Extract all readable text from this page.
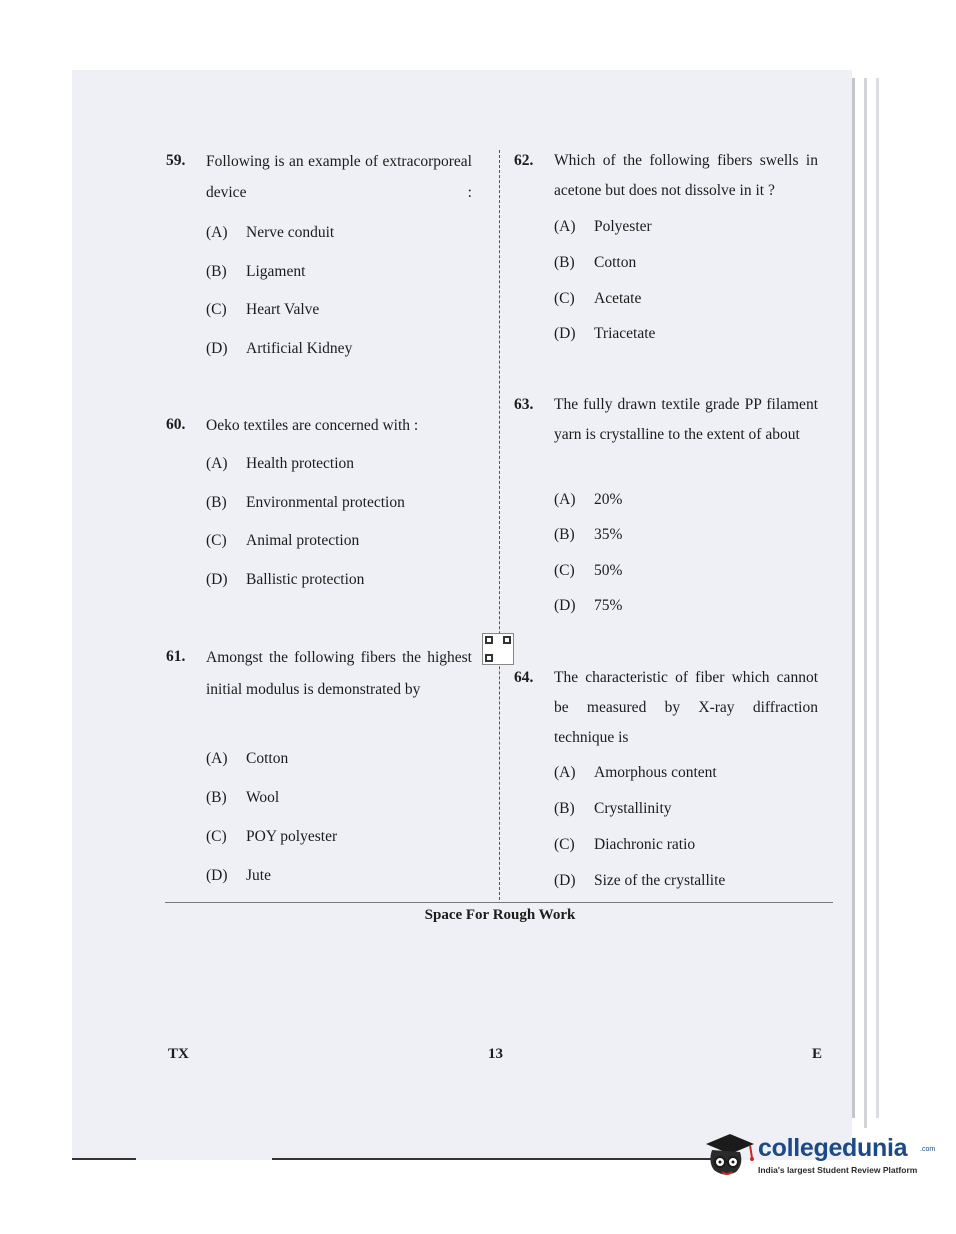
59. Following is an example of extracorporeal device :
(A) Nerve conduit
(B) Ligament
(C) Heart Valve
(D) Artificial Kidney
60. Oeko textiles are concerned with :
(A) Health protection
(B) Environmental protection
(C) Animal protection
(D) Ballistic protection
61. Amongst the following fibers the highest initial modulus is demonstrated by
(A) Cotton
(B) Wool
(C) POY polyester
(D) Jute
62. Which of the following fibers swells in acetone but does not dissolve in it ?
(A) Polyester
(B) Cotton
(C) Acetate
(D) Triacetate
63. The fully drawn textile grade PP filament yarn is crystalline to the extent of about
(A) 20%
(B) 35%
(C) 50%
(D) 75%
64. The characteristic of fiber which cannot be measured by X-ray diffraction technique is
(A) Amorphous content
(B) Crystallinity
(C) Diachronic ratio
(D) Size of the crystallite
Space For Rough Work
TX	13	E
collegedunia .com
India's largest Student Review Platform
